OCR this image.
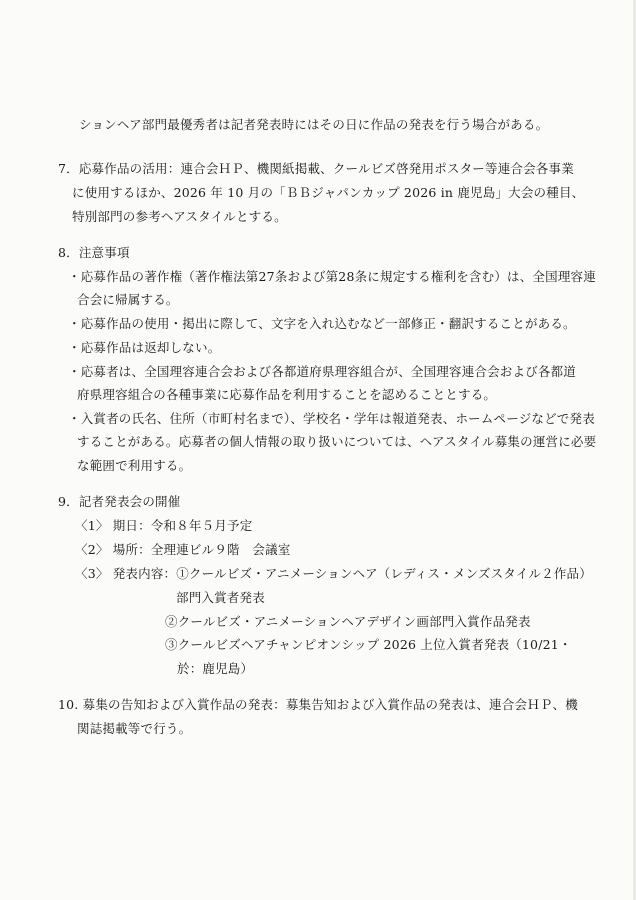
ションヘア部門最優秀者は記者発表時にはその日に作品の発表を行う場合がある。
7．応募作品の活用：連合会ＨＰ、機関紙掲載、クールビズ啓発用ポスター等連合会各事業
に使用するほか、2026 年 10 月の「ＢＢジャパンカップ 2026 in 鹿児島」大会の種目、
特別部門の参考ヘアスタイルとする。
8．注意事項
・応募作品の著作権（著作権法第27条および第28条に規定する権利を含む）は、全国理容連
合会に帰属する。
・応募作品の使用・掲出に際して、文字を入れ込むなど一部修正・翻訳することがある。
・応募作品は返却しない。
・応募者は、全国理容連合会および各都道府県理容組合が、全国理容連合会および各都道
府県理容組合の各種事業に応募作品を利用することを認めることとする。
・入賞者の氏名、住所（市町村名まで）、学校名・学年は報道発表、ホームページなどで発表
することがある。応募者の個人情報の取り扱いについては、ヘアスタイル募集の運営に必要
な範囲で利用する。
9．記者発表会の開催
〈1〉 期日：令和８年５月予定
〈2〉 場所：全理連ビル９階　会議室
〈3〉 発表内容：①クールビズ・アニメーションヘア（レディス・メンズスタイル２作品）
部門入賞者発表
②クールビズ・アニメーションヘアデザイン画部門入賞作品発表
③クールビズヘアチャンピオンシップ 2026 上位入賞者発表（10/21・
於：鹿児島）
10. 募集の告知および入賞作品の発表：募集告知および入賞作品の発表は、連合会ＨＰ、機
関誌掲載等で行う。
